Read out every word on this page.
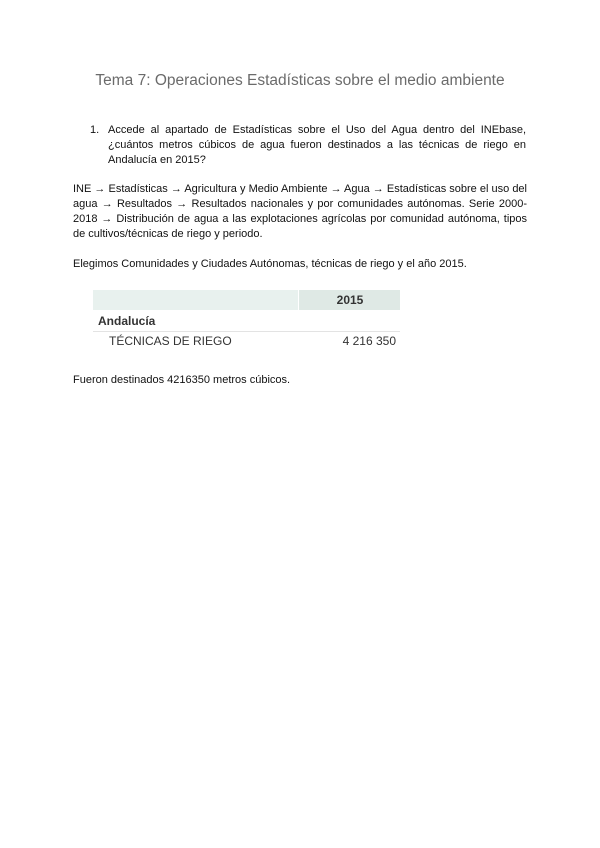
Tema 7: Operaciones Estadísticas sobre el medio ambiente
1. Accede al apartado de Estadísticas sobre el Uso del Agua dentro del INEbase, ¿cuántos metros cúbicos de agua fueron destinados a las técnicas de riego en Andalucía en 2015?

INE → Estadísticas → Agricultura y Medio Ambiente → Agua → Estadísticas sobre el uso del agua → Resultados → Resultados nacionales y por comunidades autónomas. Serie 2000-2018 → Distribución de agua a las explotaciones agrícolas por comunidad autónoma, tipos de cultivos/técnicas de riego y periodo.

Elegimos Comunidades y Ciudades Autónomas, técnicas de riego y el año 2015.

2015
Andalucía
TÉCNICAS DE RIEGO	4 216 350

Fueron destinados 4216350 metros cúbicos.
